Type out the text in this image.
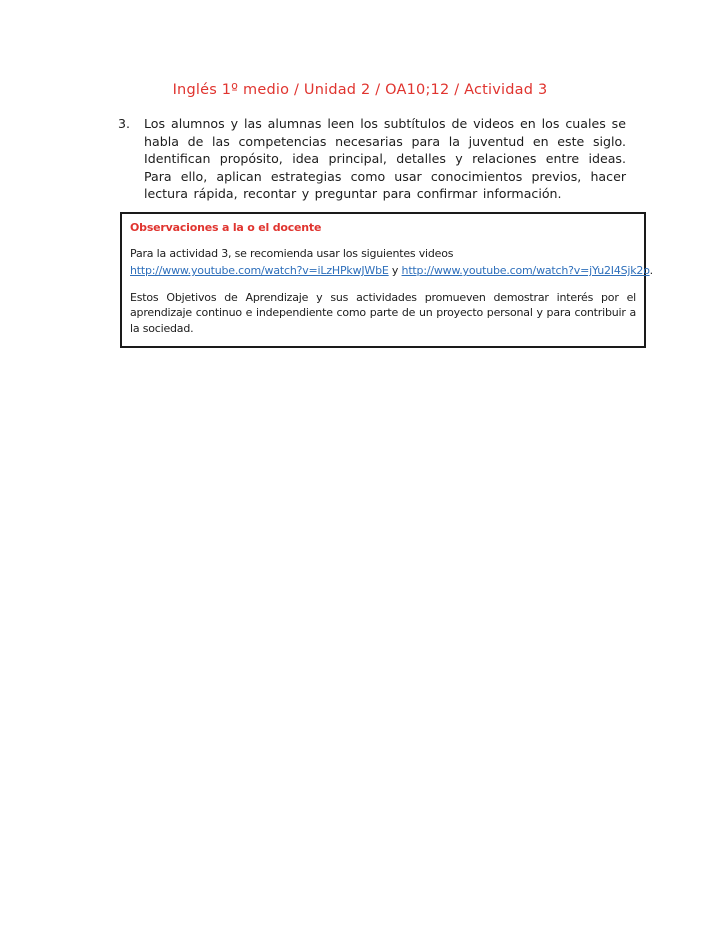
Inglés 1º medio / Unidad 2 / OA10;12 / Actividad 3
3.	Los alumnos y las alumnas leen los subtítulos de videos en los cuales se habla de las competencias necesarias para la juventud en este siglo. Identifican propósito, idea principal, detalles y relaciones entre ideas. Para ello, aplican estrategias como usar conocimientos previos, hacer lectura rápida, recontar y preguntar para confirmar información.

Observaciones a la o el docente

Para la actividad 3, se recomienda usar los siguientes videos

http://www.youtube.com/watch?v=iLzHPkwJWbE y http://www.youtube.com/watch?v=jYu2I4Sjk2o.

Estos Objetivos de Aprendizaje y sus actividades promueven demostrar interés por el aprendizaje continuo e independiente como parte de un proyecto personal y para contribuir a la sociedad.
